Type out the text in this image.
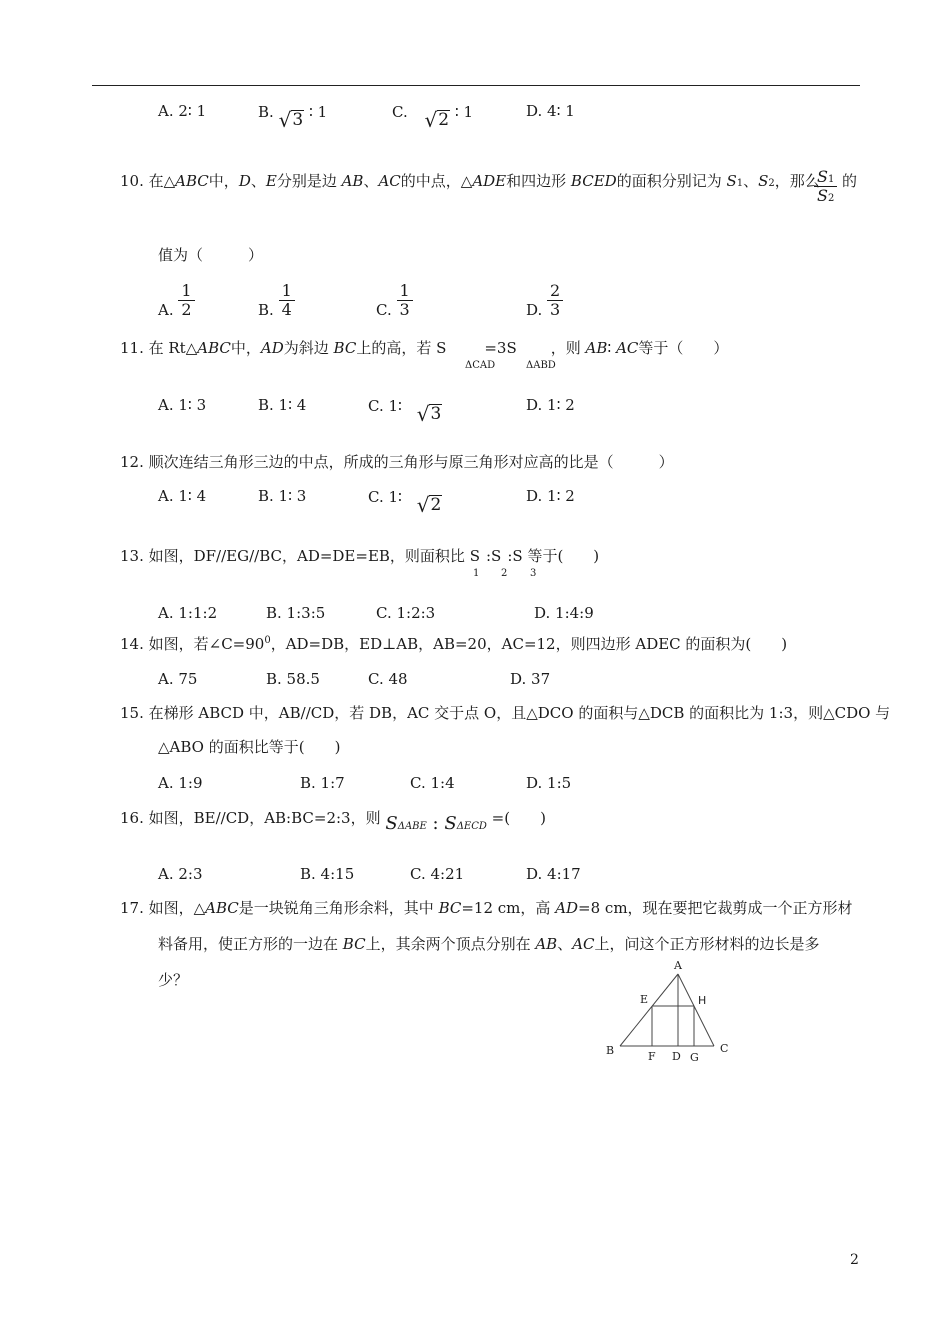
A. 2∶ 1	B. √ 3 ∶ 1	C. √ 2 ∶ 1	D. 4∶ 1
10. 在△ABC中，D、E分别是边 AB、AC的中点，△ADE和四边形 BCED的面积分别记为 S1、S2，那么
$\frac{S1}{S2}$ 的
值为（　　　）
A. $\frac{1}{2}$	B. $\frac{1}{4}$	C. $\frac{1}{3}$	D. $\frac{2}{3}$
11. 在 Rt△ABC中，AD为斜边 BC上的高，若 S	=3S ，则 AB∶ AC等于（　　）
ΔCAD	ΔABD
A. 1∶ 3	B. 1∶ 4	C. 1∶ √ 3	D. 1∶ 2
12. 顺次连结三角形三边的中点，所成的三角形与原三角形对应高的比是（　　　）
A. 1∶ 4	B. 1∶ 3	C. 1∶ √ 2	D. 1∶ 2
13. 如图，DF//EG//BC，AD=DE=EB，则面积比 S :S :S 等于(　　)
1 2 3
A. 1:1:2	B. 1:3:5	C. 1:2:3	D. 1:4:9
14. 如图，若$\angle C=90^0$，AD=DB，ED⊥AB，AB=20，AC=12，则四边形 ADEC 的面积为(　　)
A. 75	B. 58.5	C. 48	D. 37
15. 在梯形 ABCD 中，AB//CD，若 DB，AC 交于点 O，且△DCO 的面积与△DCB 的面积比为 1:3，则△CDO 与
△ABO 的面积比等于(　　)
A. 1:9	B. 1:7	C. 1:4	D. 1:5
16. 如图，BE//CD，AB:BC=2:3，则 SΔABE : SΔECD =(　　)
A. 2:3	B. 4:15	C. 4:21	D. 4:17
17. 如图，△ABC是一块锐角三角形余料，其中 BC=12 cm，高 AD=8 cm，现在要把它裁剪成一个正方形材
料备用，使正方形的一边在 BC上，其余两个顶点分别在 AB、AC上，问这个正方形材料的边长是多
少？
A
E	H
B	F D G
C
2
